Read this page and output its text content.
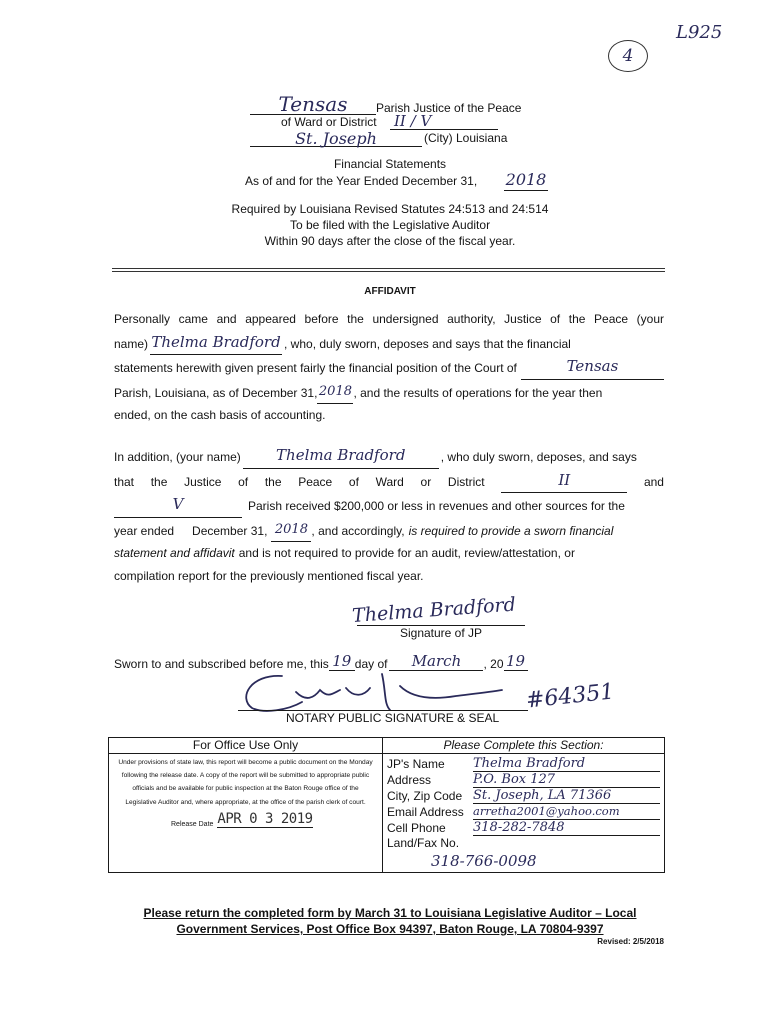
4
L925
Tensas	Parish Justice of the Peace
of Ward or District II / V
St. Joseph	(City) Louisiana
Financial Statements
As of and for the Year Ended December 31, 2018
Required by Louisiana Revised Statutes 24:513 and 24:514
To be filed with the Legislative Auditor
Within 90 days after the close of the fiscal year.
AFFIDAVIT
Personally came and appeared before the undersigned authority, Justice of the Peace (your
name) Thelma Bradford , who, duly sworn, deposes and says that the financial
statements herewith given present fairly the financial position of the Court of	Tensas
Parish, Louisiana, as of December 31, 2018 , and the results of operations for the year then
ended, on the cash basis of accounting.
In addition, (your name)	Thelma Bradford	, who duly sworn, deposes, and says
that the Justice of the Peace of Ward or District	II	and
V	Parish received $200,000 or less in revenues and other sources for the
year ended December 31, 2018 , and accordingly, is required to provide a sworn financial
statement and affidavit and is not required to provide for an audit, review/attestation, or
compilation report for the previously mentioned fiscal year.
Thelma Bradford
Signature of JP
Sworn to and subscribed before me, this 19 day of	March	, 20 19
#64351
NOTARY PUBLIC SIGNATURE & SEAL
For Office Use Only
Under provisions of state law, this report will become a public document on the Monday following the release date. A copy of the report will be submitted to appropriate public officials and be available for public inspection at the Baton Rouge office of the Legislative Auditor and, where appropriate, at the office of the parish clerk of court.
Release Date APR 0 3 2019

Please Complete this Section:
JP's Name	Thelma Bradford
Address	P.O. Box 127
City, Zip Code St. Joseph, LA 71366
Email Address arretha2001@yahoo.com
Cell Phone	318-282-7848
Land/Fax No.
318-766-0098
Please return the completed form by March 31 to Louisiana Legislative Auditor – Local
Government Services, Post Office Box 94397, Baton Rouge, LA 70804-9397
Revised: 2/5/2018
